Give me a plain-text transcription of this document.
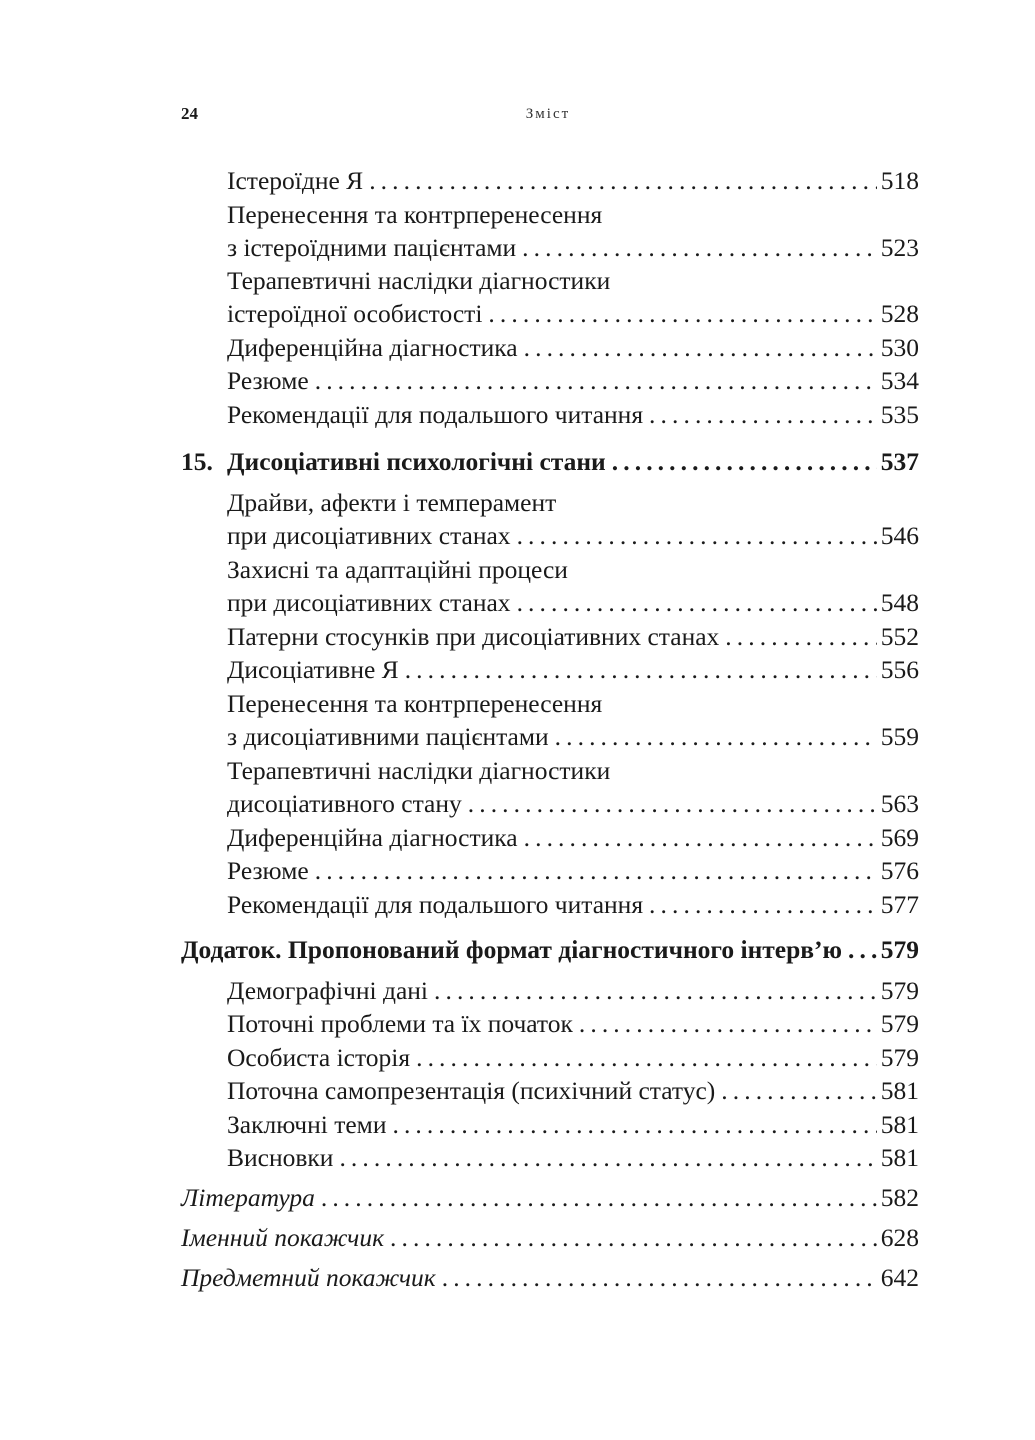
24	Зміст
Істероїдне Я .....	518
Перенесення та контрперенесення
з істероїдними пацієнтами .....	523
Терапевтичні наслідки діагностики
істероїдної особистості .....	528
Диференційна діагностика .....	530
Резюме .....	534
Рекомендації для подальшого читання .....	535
15. Дисоціативні психологічні стани .....	537
Драйви, афекти і темперамент
при дисоціативних станах .....	546
Захисні та адаптаційні процеси
при дисоціативних станах .....	548
Патерни стосунків при дисоціативних станах .....	552
Дисоціативне Я .....	556
Перенесення та контрперенесення
з дисоціативними пацієнтами .....	559
Терапевтичні наслідки діагностики
дисоціативного стану .....	563
Диференційна діагностика .....	569
Резюме .....	576
Рекомендації для подальшого читання .....	577
Додаток. Пропонований формат діагностичного інтерв’ю ..... 579
Демографічні дані .....	579
Поточні проблеми та їх початок .....	579
Особиста історія .....	579
Поточна самопрезентація (психічний статус) .....	581
Заключні теми .....	581
Висновки .....	581
Література .....	582
Іменний покажчик .....	628
Предметний покажчик .....	642
